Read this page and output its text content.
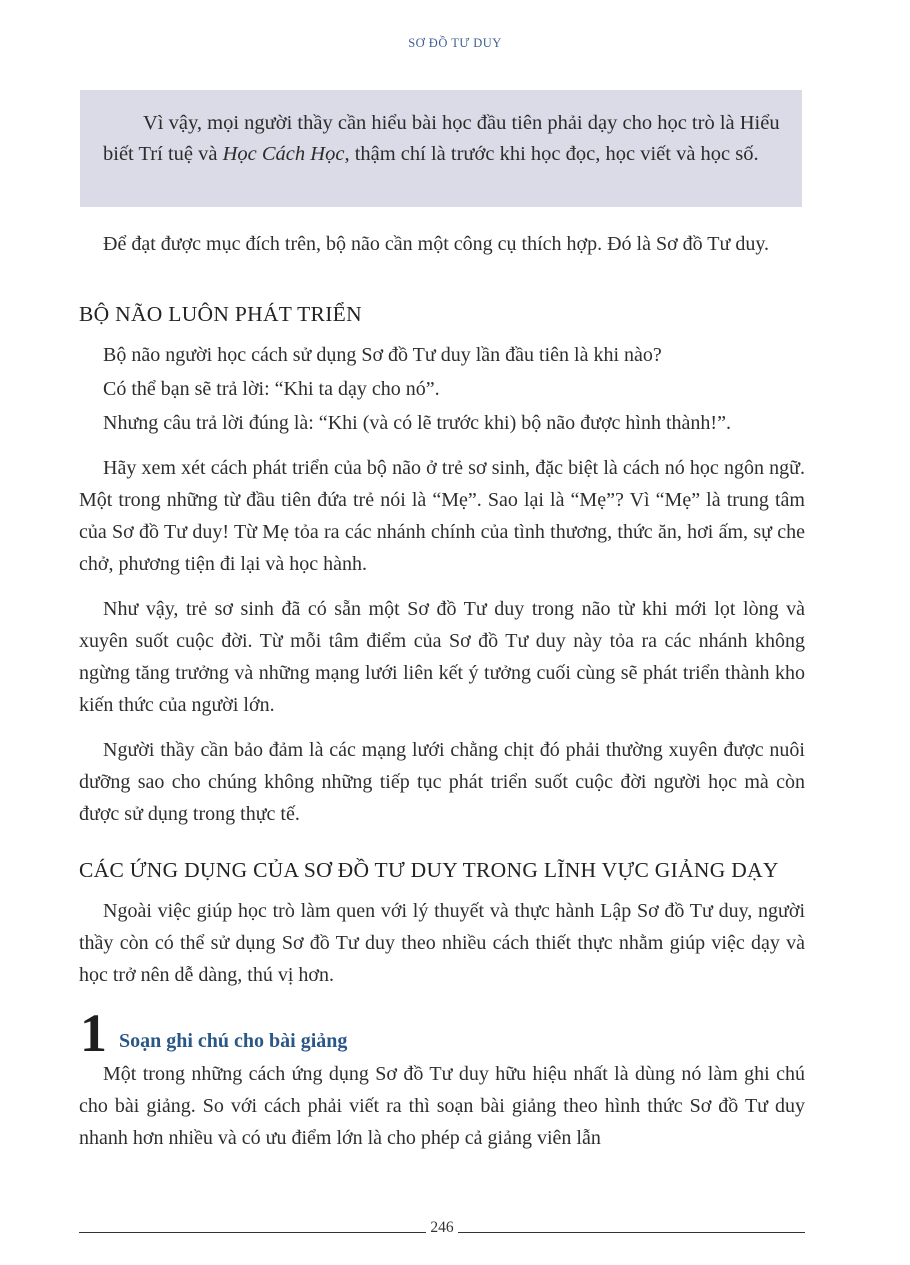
SƠ ĐỒ TƯ DUY

Vì vậy, mọi người thầy cần hiểu bài học đầu tiên phải dạy cho học trò là Hiểu biết Trí tuệ và Học Cách Học, thậm chí là trước khi học đọc, học viết và học số.

Để đạt được mục đích trên, bộ não cần một công cụ thích hợp. Đó là Sơ đồ Tư duy.

BỘ NÃO LUÔN PHÁT TRIỂN

Bộ não người học cách sử dụng Sơ đồ Tư duy lần đầu tiên là khi nào?

Có thể bạn sẽ trả lời: “Khi ta dạy cho nó”.

Nhưng câu trả lời đúng là: “Khi (và có lẽ trước khi) bộ não được hình thành!”.

Hãy xem xét cách phát triển của bộ não ở trẻ sơ sinh, đặc biệt là cách nó học ngôn ngữ. Một trong những từ đầu tiên đứa trẻ nói là “Mẹ”. Sao lại là “Mẹ”? Vì “Mẹ” là trung tâm của Sơ đồ Tư duy! Từ Mẹ tỏa ra các nhánh chính của tình thương, thức ăn, hơi ấm, sự che chở, phương tiện đi lại và học hành.

Như vậy, trẻ sơ sinh đã có sẵn một Sơ đồ Tư duy trong não từ khi mới lọt lòng và xuyên suốt cuộc đời. Từ mỗi tâm điểm của Sơ đồ Tư duy này tỏa ra các nhánh không ngừng tăng trưởng và những mạng lưới liên kết ý tưởng cuối cùng sẽ phát triển thành kho kiến thức của người lớn.

Người thầy cần bảo đảm là các mạng lưới chằng chịt đó phải thường xuyên được nuôi dưỡng sao cho chúng không những tiếp tục phát triển suốt cuộc đời người học mà còn được sử dụng trong thực tế.

CÁC ỨNG DỤNG CỦA SƠ ĐỒ TƯ DUY TRONG LĨNH VỰC GIẢNG DẠY

Ngoài việc giúp học trò làm quen với lý thuyết và thực hành Lập Sơ đồ Tư duy, người thầy còn có thể sử dụng Sơ đồ Tư duy theo nhiều cách thiết thực nhằm giúp việc dạy và học trở nên dễ dàng, thú vị hơn.

1 Soạn ghi chú cho bài giảng

Một trong những cách ứng dụng Sơ đồ Tư duy hữu hiệu nhất là dùng nó làm ghi chú cho bài giảng. So với cách phải viết ra thì soạn bài giảng theo hình thức Sơ đồ Tư duy nhanh hơn nhiều và có ưu điểm lớn là cho phép cả giảng viên lẫn

246
